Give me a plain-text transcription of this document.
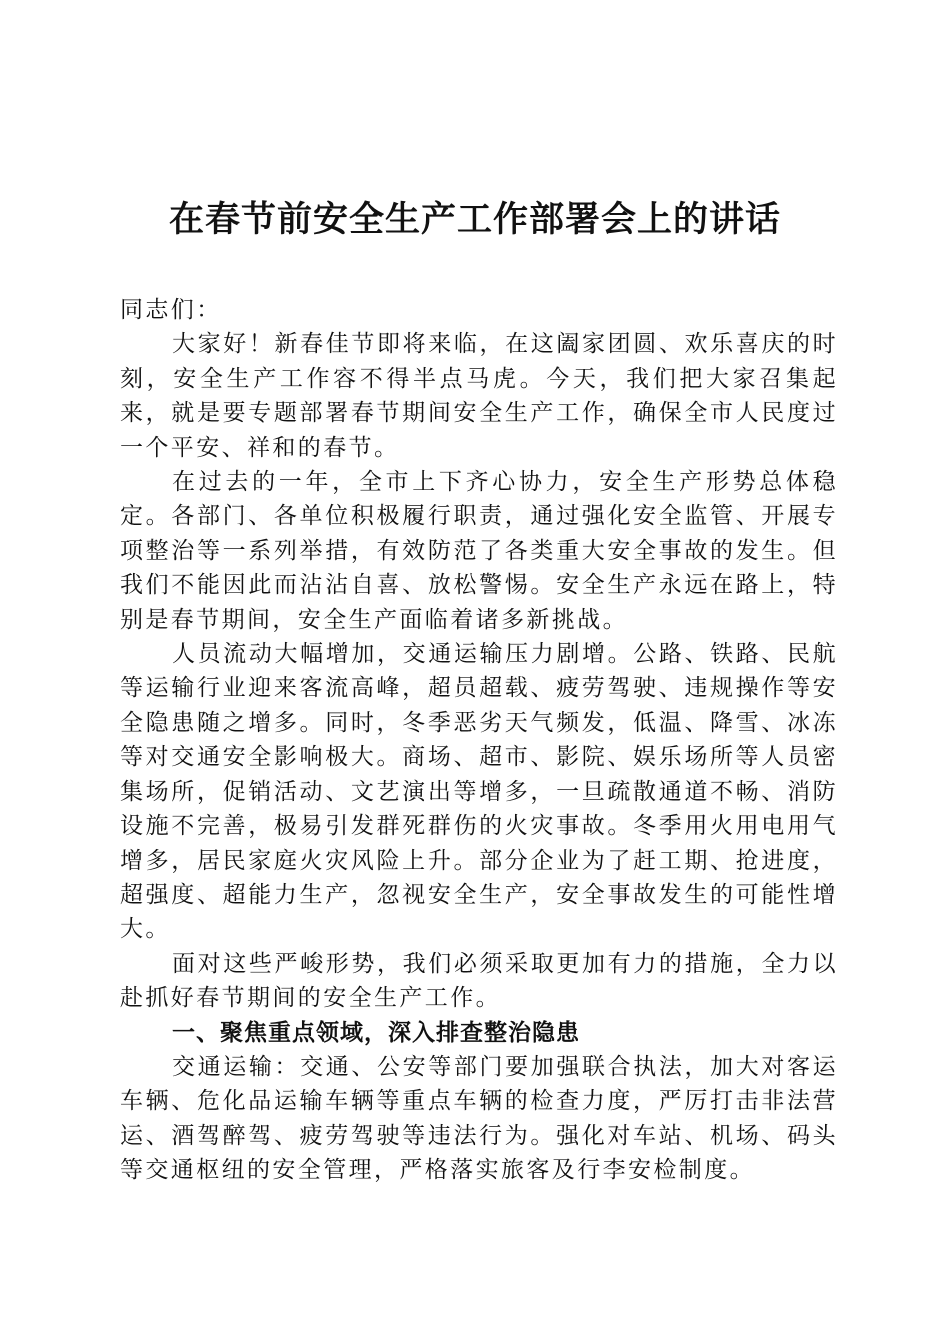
在春节前安全生产工作部署会上的讲话

同志们：

大家好！新春佳节即将来临，在这阖家团圆、欢乐喜庆的时刻，安全生产工作容不得半点马虎。今天，我们把大家召集起来，就是要专题部署春节期间安全生产工作，确保全市人民度过一个平安、祥和的春节。

在过去的一年，全市上下齐心协力，安全生产形势总体稳定。各部门、各单位积极履行职责，通过强化安全监管、开展专项整治等一系列举措，有效防范了各类重大安全事故的发生。但我们不能因此而沾沾自喜、放松警惕。安全生产永远在路上，特别是春节期间，安全生产面临着诸多新挑战。

人员流动大幅增加，交通运输压力剧增。公路、铁路、民航等运输行业迎来客流高峰，超员超载、疲劳驾驶、违规操作等安全隐患随之增多。同时，冬季恶劣天气频发，低温、降雪、冰冻等对交通安全影响极大。商场、超市、影院、娱乐场所等人员密集场所，促销活动、文艺演出等增多，一旦疏散通道不畅、消防设施不完善，极易引发群死群伤的火灾事故。冬季用火用电用气增多，居民家庭火灾风险上升。部分企业为了赶工期、抢进度，超强度、超能力生产，忽视安全生产，安全事故发生的可能性增大。

面对这些严峻形势，我们必须采取更加有力的措施，全力以赴抓好春节期间的安全生产工作。

一、聚焦重点领域，深入排查整治隐患

交通运输：交通、公安等部门要加强联合执法，加大对客运车辆、危化品运输车辆等重点车辆的检查力度，严厉打击非法营运、酒驾醉驾、疲劳驾驶等违法行为。强化对车站、机场、码头等交通枢纽的安全管理，严格落实旅客及行李安检制度。
